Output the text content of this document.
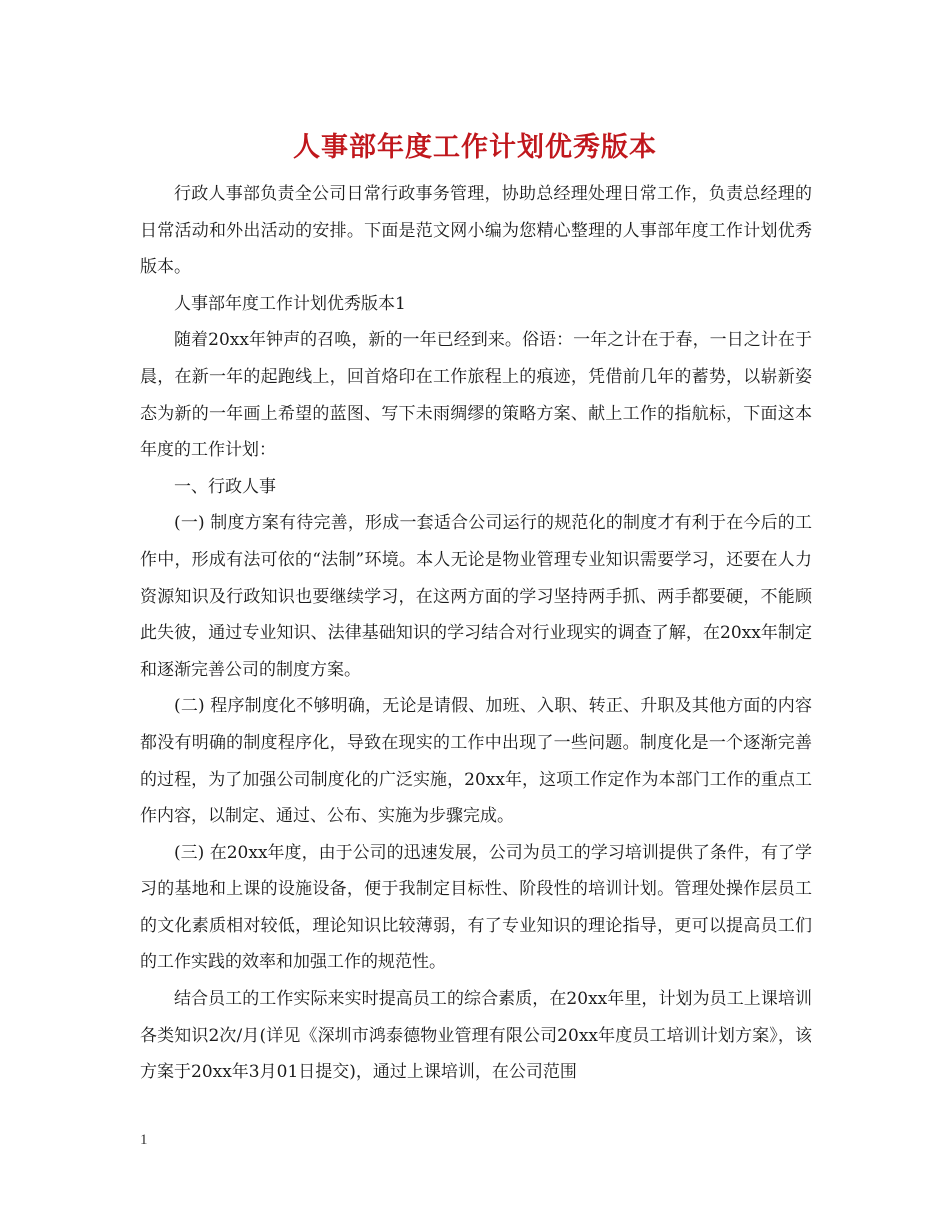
人事部年度工作计划优秀版本

行政人事部负责全公司日常行政事务管理，协助总经理处理日常工作，负责总经理的日常活动和外出活动的安排。下面是范文网小编为您精心整理的人事部年度工作计划优秀版本。

人事部年度工作计划优秀版本1

随着20xx年钟声的召唤，新的一年已经到来。俗语：一年之计在于春，一日之计在于晨，在新一年的起跑线上，回首烙印在工作旅程上的痕迹，凭借前几年的蓄势，以崭新姿态为新的一年画上希望的蓝图、写下未雨绸缪的策略方案、献上工作的指航标，下面这本年度的工作计划：

一、行政人事

(一) 制度方案有待完善，形成一套适合公司运行的规范化的制度才有利于在今后的工作中，形成有法可依的“法制”环境。本人无论是物业管理专业知识需要学习，还要在人力资源知识及行政知识也要继续学习，在这两方面的学习坚持两手抓、两手都要硬，不能顾此失彼，通过专业知识、法律基础知识的学习结合对行业现实的调查了解，在20xx年制定和逐渐完善公司的制度方案。

(二) 程序制度化不够明确，无论是请假、加班、入职、转正、升职及其他方面的内容都没有明确的制度程序化，导致在现实的工作中出现了一些问题。制度化是一个逐渐完善的过程，为了加强公司制度化的广泛实施，20xx年，这项工作定作为本部门工作的重点工作内容，以制定、通过、公布、实施为步骤完成。

(三) 在20xx年度，由于公司的迅速发展，公司为员工的学习培训提供了条件，有了学习的基地和上课的设施设备，便于我制定目标性、阶段性的培训计划。管理处操作层员工的文化素质相对较低，理论知识比较薄弱，有了专业知识的理论指导，更可以提高员工们的工作实践的效率和加强工作的规范性。

结合员工的工作实际来实时提高员工的综合素质，在20xx年里，计划为员工上课培训各类知识2次/月(详见《深圳市鸿泰德物业管理有限公司20xx年度员工培训计划方案》，该方案于20xx年3月01日提交)，通过上课培训，在公司范围

1
